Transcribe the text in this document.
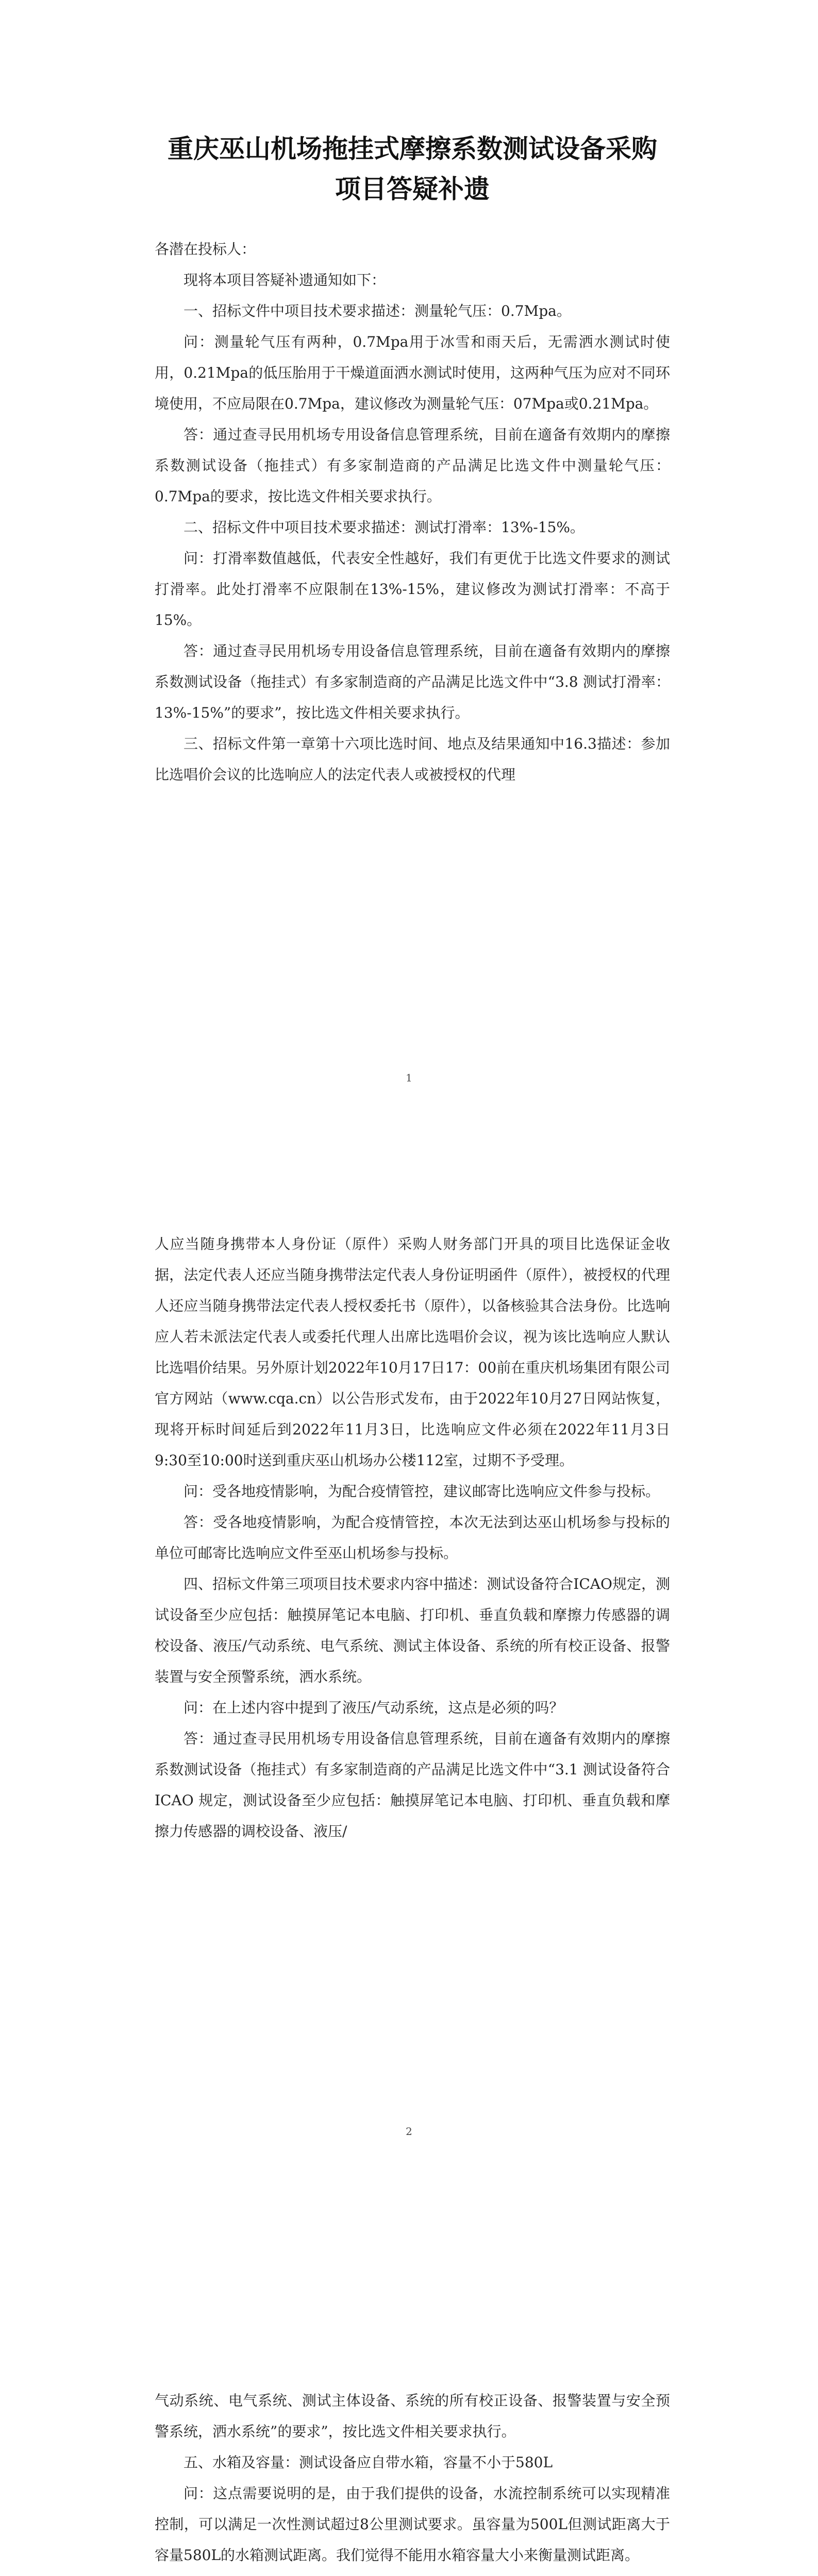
重庆巫山机场拖挂式摩擦系数测试设备采购
项目答疑补遗

各潜在投标人：

现将本项目答疑补遗通知如下：

一、招标文件中项目技术要求描述：测量轮气压：0.7Mpa。

问：测量轮气压有两种，0.7Mpa用于冰雪和雨天后，无需洒水测试时使用，0.21Mpa的低压胎用于干燥道面洒水测试时使用，这两种气压为应对不同环境使用，不应局限在0.7Mpa，建议修改为测量轮气压：07Mpa或0.21Mpa。

答：通过查寻民用机场专用设备信息管理系统，目前在適备有效期内的摩擦系数测试设备（拖挂式）有多家制造商的产品满足比选文件中测量轮气压：0.7Mpa的要求，按比选文件相关要求执行。

二、招标文件中项目技术要求描述：测试打滑率：13%-15%。

问：打滑率数值越低，代表安全性越好，我们有更优于比选文件要求的测试打滑率。此处打滑率不应限制在13%-15%，建议修改为测试打滑率：不高于15%。

答：通过查寻民用机场专用设备信息管理系统，目前在適备有效期内的摩擦系数测试设备（拖挂式）有多家制造商的产品满足比选文件中“3.8 测试打滑率：13%-15%”的要求”，按比选文件相关要求执行。

三、招标文件第一章第十六项比选时间、地点及结果通知中16.3描述：参加比选唱价会议的比选响应人的法定代表人或被授权的代理

1

人应当随身携带本人身份证（原件）采购人财务部门开具的项目比选保证金收据，法定代表人还应当随身携带法定代表人身份证明函件（原件），被授权的代理人还应当随身携带法定代表人授权委托书（原件），以备核验其合法身份。比选响应人若未派法定代表人或委托代理人出席比选唱价会议，视为该比选响应人默认比选唱价结果。另外原计划2022年10月17日17：00前在重庆机场集团有限公司官方网站（www.cqa.cn）以公告形式发布，由于2022年10月27日网站恢复，现将开标时间延后到2022年11月3日，比选响应文件必须在2022年11月3日9:30至10:00时送到重庆巫山机场办公楼112室，过期不予受理。

问：受各地疫情影响，为配合疫情管控，建议邮寄比选响应文件参与投标。

答：受各地疫情影响，为配合疫情管控，本次无法到达巫山机场参与投标的单位可邮寄比选响应文件至巫山机场参与投标。

四、招标文件第三项项目技术要求内容中描述：测试设备符合ICAO规定，测试设备至少应包括：触摸屏笔记本电脑、打印机、垂直负载和摩擦力传感器的调校设备、液压/气动系统、电气系统、测试主体设备、系统的所有校正设备、报警装置与安全预警系统，洒水系统。

问：在上述内容中提到了液压/气动系统，这点是必须的吗？

答：通过查寻民用机场专用设备信息管理系统，目前在適备有效期内的摩擦系数测试设备（拖挂式）有多家制造商的产品满足比选文件中“3.1 测试设备符合 ICAO 规定，测试设备至少应包括：触摸屏笔记本电脑、打印机、垂直负载和摩擦力传感器的调校设备、液压/

2

气动系统、电气系统、测试主体设备、系统的所有校正设备、报警装置与安全预警系统，洒水系统”的要求”，按比选文件相关要求执行。

五、水箱及容量：测试设备应自带水箱，容量不小于580L

问：这点需要说明的是，由于我们提供的设备，水流控制系统可以实现精准控制，可以满足一次性测试超过8公里测试要求。虽容量为500L但测试距离大于容量580L的水箱测试距离。我们觉得不能用水箱容量大小来衡量测试距离。
